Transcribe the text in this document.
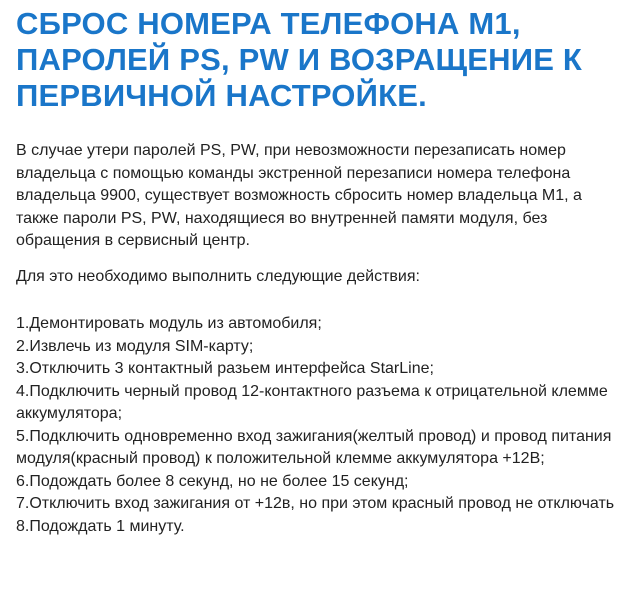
СБРОС НОМЕРА ТЕЛЕФОНА М1, ПАРОЛЕЙ PS, PW И ВОЗРАЩЕНИЕ К ПЕРВИЧНОЙ НАСТРОЙКЕ.

В случае утери паролей PS, PW, при невозможности перезаписать номер владельца с помощью команды экстренной перезаписи номера телефона владельца 9900, существует возможность сбросить номер владельца М1, а также пароли PS, PW, находящиеся во внутренней памяти модуля, без обращения в сервисный центр.

Для это необходимо выполнить следующие действия:

1.Демонтировать модуль из автомобиля;
2.Извлечь из модуля SIM-карту;
3.Отключить 3 контактный разьем интерфейса StarLine;
4.Подключить черный провод 12-контактного разъема к отрицательной клемме аккумулятора;
5.Подключить одновременно вход зажигания(желтый провод) и провод питания модуля(красный провод) к положительной клемме аккумулятора +12В;
6.Подождать более 8 секунд, но не более 15 секунд;
7.Отключить вход зажигания от +12в, но при этом красный провод не отключать
8.Подождать 1 минуту.
